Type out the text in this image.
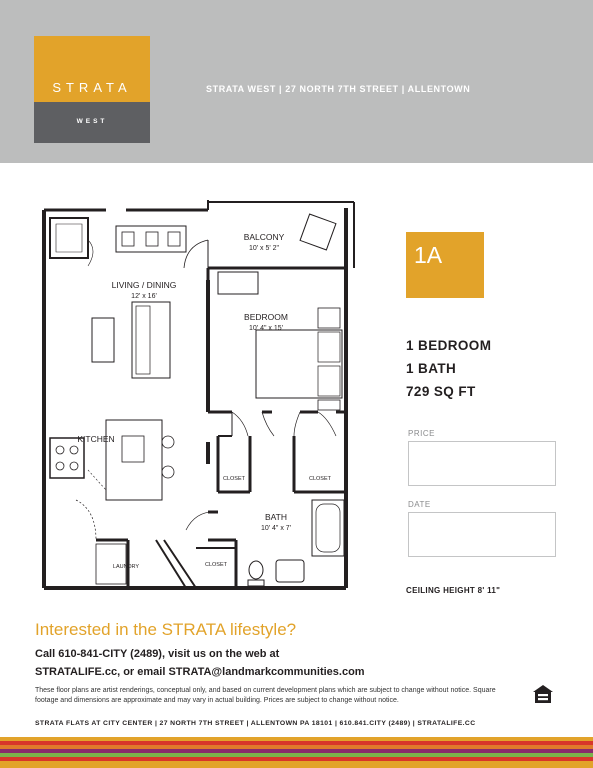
STRATA
WEST
STRATA WEST | 27 NORTH 7TH STREET | ALLENTOWN
BALCONY
10' x 5' 2"
LIVING / DINING
12' x 16'
BEDROOM
10' 4" x 15'
KITCHEN
CLOSET	CLOSET
BATH
10' 4" x 7'
LAUNDRY	CLOSET
1A
1 BEDROOM
1 BATH
729 SQ FT
PRICE
DATE
CEILING HEIGHT 8' 11"
Interested in the STRATA lifestyle?
Call 610-841-CITY (2489), visit us on the web at
STRATALIFE.cc, or email STRATA@landmarkcommunities.com
These floor plans are artist renderings, conceptual only, and based on current development plans which are subject to change without notice. Square footage and dimensions are approximate and may vary in actual building. Prices are subject to change without notice.
STRATA FLATS AT CITY CENTER | 27 NORTH 7TH STREET | ALLENTOWN PA 18101 | 610.841.CITY (2489) | STRATALIFE.CC
